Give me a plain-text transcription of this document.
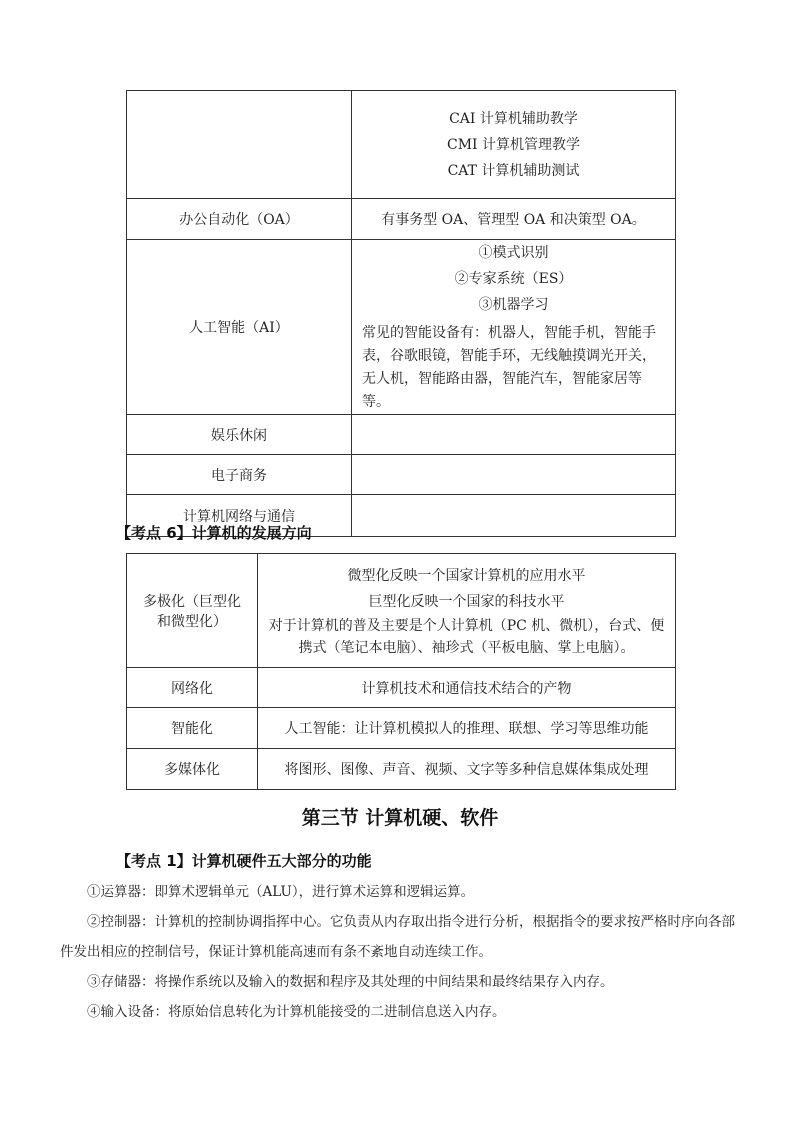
	CAI 计算机辅助教学
CMI 计算机管理教学
CAT 计算机辅助测试

办公自动化（OA）	有事务型 OA、管理型 OA 和决策型 OA。
人工智能（AI）	①模式识别
②专家系统（ES）
③机器学习
常见的智能设备有：机器人，智能手机，智能手表，谷歌眼镜，智能手环，无线触摸调光开关，无人机，智能路由器，智能汽车，智能家居等等。

娱乐休闲	
电子商务	
计算机网络与通信	
【考点 6】计算机的发展方向
多极化（巨型化和微型化）	微型化反映一个国家计算机的应用水平
巨型化反映一个国家的科技水平
对于计算机的普及主要是个人计算机（PC 机、微机），台式、便携式（笔记本电脑）、袖珍式（平板电脑、掌上电脑）。

网络化	计算机技术和通信技术结合的产物
智能化	人工智能：让计算机模拟人的推理、联想、学习等思维功能
多媒体化	将图形、图像、声音、视频、文字等多种信息媒体集成处理
第三节 计算机硬、软件
【考点 1】计算机硬件五大部分的功能

①运算器：即算术逻辑单元（ALU），进行算术运算和逻辑运算。

②控制器：计算机的控制协调指挥中心。它负责从内存取出指令进行分析，根据指令的要求按严格时序向各部件发出相应的控制信号，保证计算机能高速而有条不紊地自动连续工作。

③存储器：将操作系统以及输入的数据和程序及其处理的中间结果和最终结果存入内存。

④输入设备：将原始信息转化为计算机能接受的二进制信息送入内存。
